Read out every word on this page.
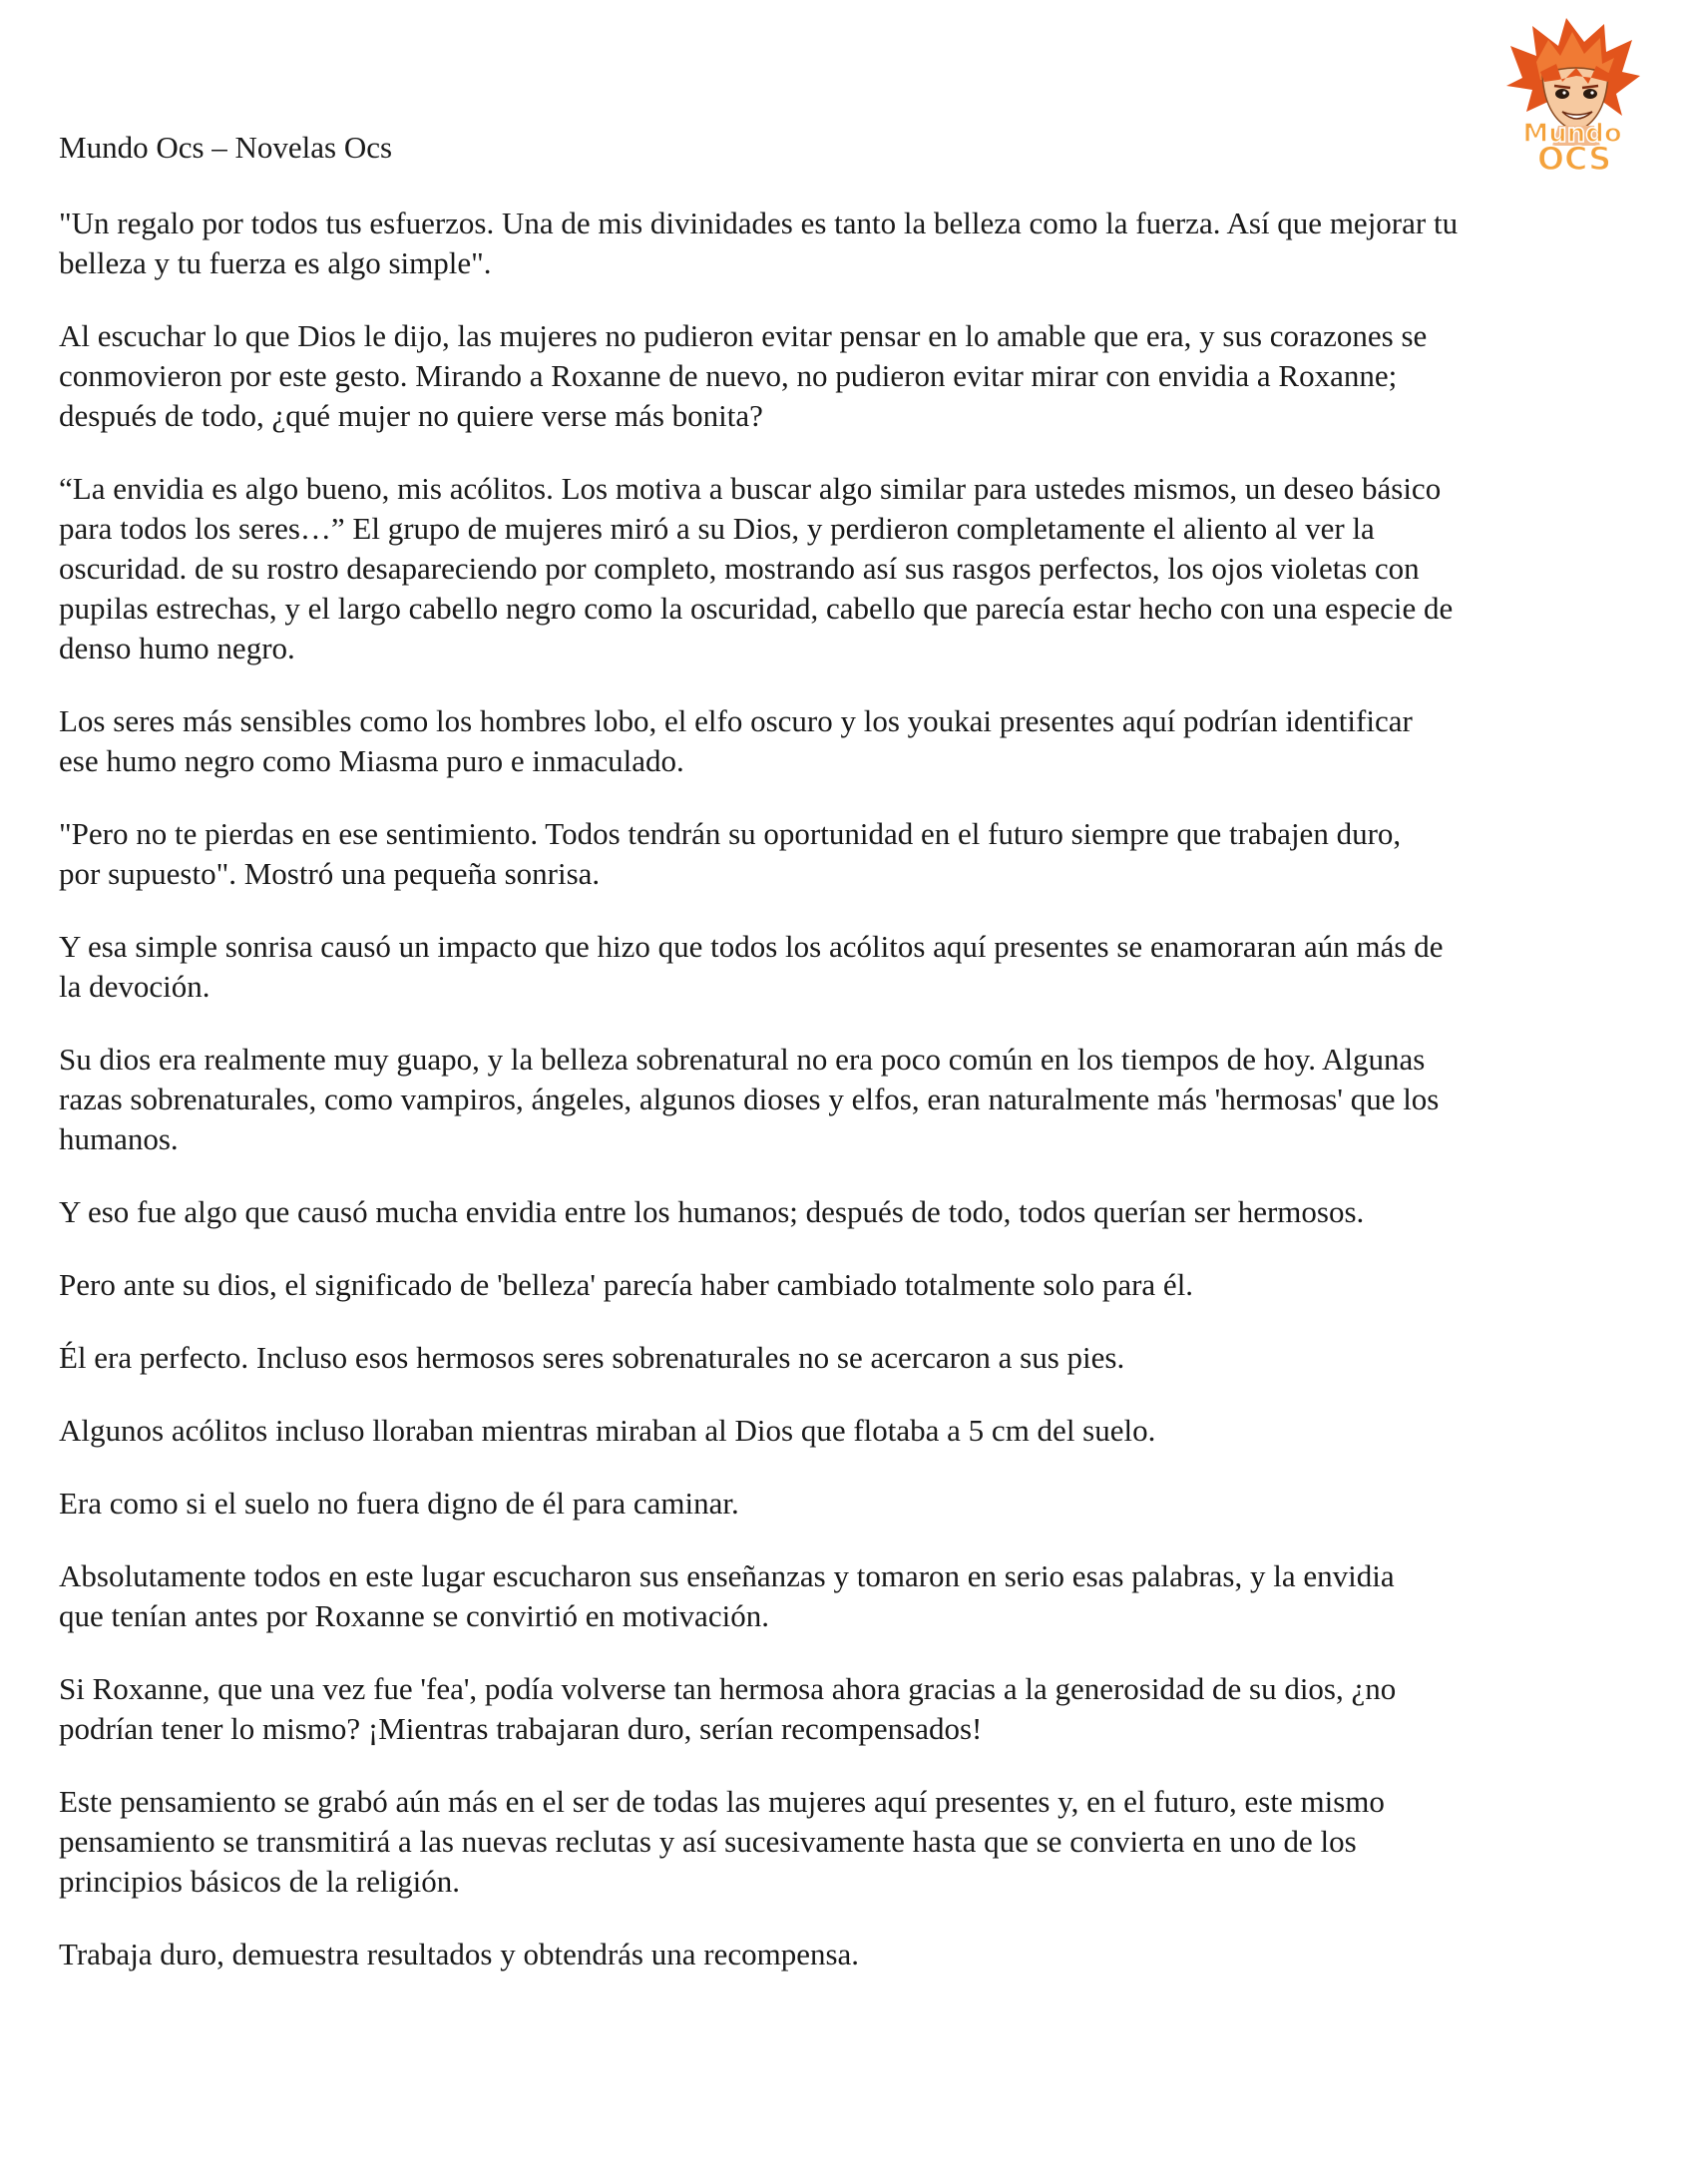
Mundo Ocs – Novelas Ocs	Mundo
OCS

"Un regalo por todos tus esfuerzos. Una de mis divinidades es tanto la belleza como la fuerza. Así que mejorar tu
belleza y tu fuerza es algo simple".

Al escuchar lo que Dios le dijo, las mujeres no pudieron evitar pensar en lo amable que era, y sus corazones se
conmovieron por este gesto. Mirando a Roxanne de nuevo, no pudieron evitar mirar con envidia a Roxanne;
después de todo, ¿qué mujer no quiere verse más bonita?

“La envidia es algo bueno, mis acólitos. Los motiva a buscar algo similar para ustedes mismos, un deseo básico
para todos los seres…” El grupo de mujeres miró a su Dios, y perdieron completamente el aliento al ver la
oscuridad. de su rostro desapareciendo por completo, mostrando así sus rasgos perfectos, los ojos violetas con
pupilas estrechas, y el largo cabello negro como la oscuridad, cabello que parecía estar hecho con una especie de
denso humo negro.

Los seres más sensibles como los hombres lobo, el elfo oscuro y los youkai presentes aquí podrían identificar
ese humo negro como Miasma puro e inmaculado.

"Pero no te pierdas en ese sentimiento. Todos tendrán su oportunidad en el futuro siempre que trabajen duro,
por supuesto". Mostró una pequeña sonrisa.

Y esa simple sonrisa causó un impacto que hizo que todos los acólitos aquí presentes se enamoraran aún más de
la devoción.

Su dios era realmente muy guapo, y la belleza sobrenatural no era poco común en los tiempos de hoy. Algunas
razas sobrenaturales, como vampiros, ángeles, algunos dioses y elfos, eran naturalmente más 'hermosas' que los
humanos.

Y eso fue algo que causó mucha envidia entre los humanos; después de todo, todos querían ser hermosos.

Pero ante su dios, el significado de 'belleza' parecía haber cambiado totalmente solo para él.

Él era perfecto. Incluso esos hermosos seres sobrenaturales no se acercaron a sus pies.

Algunos acólitos incluso lloraban mientras miraban al Dios que flotaba a 5 cm del suelo.

Era como si el suelo no fuera digno de él para caminar.

Absolutamente todos en este lugar escucharon sus enseñanzas y tomaron en serio esas palabras, y la envidia
que tenían antes por Roxanne se convirtió en motivación.

Si Roxanne, que una vez fue 'fea', podía volverse tan hermosa ahora gracias a la generosidad de su dios, ¿no
podrían tener lo mismo? ¡Mientras trabajaran duro, serían recompensados!

Este pensamiento se grabó aún más en el ser de todas las mujeres aquí presentes y, en el futuro, este mismo
pensamiento se transmitirá a las nuevas reclutas y así sucesivamente hasta que se convierta en uno de los
principios básicos de la religión.

Trabaja duro, demuestra resultados y obtendrás una recompensa.
